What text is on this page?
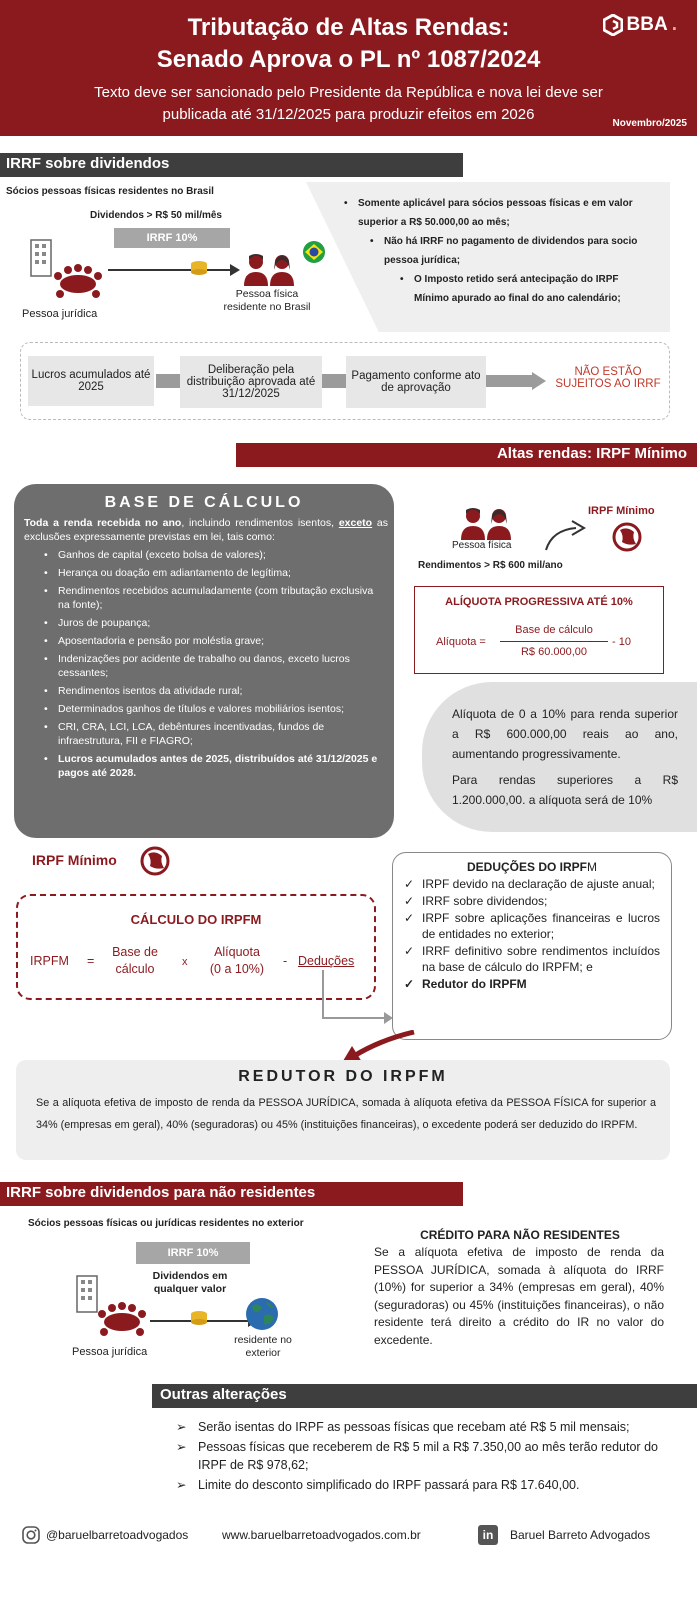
Tributação de Altas Rendas:
Senado Aprova o PL nº 1087/2024
Texto deve ser sancionado pelo Presidente da República e nova lei deve ser
publicada até 31/12/2025 para produzir efeitos em 2026
Novembro/2025
BBA .
IRRF sobre dividendos
Sócios pessoas físicas residentes no Brasil
Dividendos > R$ 50 mil/mês
IRRF 10%
Pessoa jurídica
Pessoa física
residente no Brasil
• Somente aplicável para sócios pessoas físicas e em valor superior a R$ 50.000,00 ao mês;
• Não há IRRF no pagamento de dividendos para socio pessoa jurídica;
• O Imposto retido será antecipação do IRPF Mínimo apurado ao final do ano calendário;
Lucros acumulados até 2025
Deliberação pela distribuição aprovada até 31/12/2025
Pagamento conforme ato de aprovação
NÃO ESTÃO SUJEITOS AO IRRF
Altas rendas: IRPF Mínimo
BASE DE CÁLCULO
Toda a renda recebida no ano, incluindo rendimentos isentos, exceto as exclusões expressamente previstas em lei, tais como:
• Ganhos de capital (exceto bolsa de valores);
• Herança ou doação em adiantamento de legítima;
• Rendimentos recebidos acumuladamente (com tributação exclusiva na fonte);
• Juros de poupança;
• Aposentadoria e pensão por moléstia grave;
• Indenizações por acidente de trabalho ou danos, exceto lucros cessantes;
• Rendimentos isentos da atividade rural;
• Determinados ganhos de títulos e valores mobiliários isentos;
• CRI, CRA, LCI, LCA, debêntures incentivadas, fundos de infraestrutura, FII e FIAGRO;
• Lucros acumulados antes de 2025, distribuídos até 31/12/2025 e pagos até 2028.
Pessoa física
IRPF Mínimo
Rendimentos > R$ 600 mil/ano
ALÍQUOTA PROGRESSIVA ATÉ 10%
Alíquota =
Base de cálculo
R$ 60.000,00
- 10
Alíquota de 0 a 10% para renda superior a R$ 600.000,00 reais ao ano, aumentando progressivamente.
Para rendas superiores a R$ 1.200.000,00. a alíquota será de 10%
IRPF Mínimo
CÁLCULO DO IRPFM
IRPFM =
Base de cálculo	x
Alíquota
(0 a 10%)
- Deduções
DEDUÇÕES DO IRPFM
✓ IRPF devido na declaração de ajuste anual;
✓ IRRF sobre dividendos;
✓ IRPF sobre aplicações financeiras e lucros de entidades no exterior;
✓ IRRF definitivo sobre rendimentos incluídos na base de cálculo do IRPFM; e
✓ Redutor do IRPFM
REDUTOR DO IRPFM
Se a alíquota efetiva de imposto de renda da PESSOA JURÍDICA, somada à alíquota efetiva da PESSOA FÍSICA for superior a 34% (empresas em geral), 40% (seguradoras) ou 45% (instituições financeiras), o excedente poderá ser deduzido do IRPFM.
IRRF sobre dividendos para não residentes
Sócios pessoas físicas ou jurídicas residentes no exterior
IRRF 10%
Dividendos em
qualquer valor
Pessoa jurídica
residente no
exterior
CRÉDITO PARA NÃO RESIDENTES
Se a alíquota efetiva de imposto de renda da PESSOA JURÍDICA, somada à alíquota do IRRF (10%) for superior a 34% (empresas em geral), 40% (seguradoras) ou 45% (instituições financeiras), o não residente terá direito a crédito do IR no valor do excedente.
Outras alterações
➢ Serão isentas do IRPF as pessoas físicas que recebam até R$ 5 mil mensais;
➢ Pessoas físicas que receberem de R$ 5 mil a R$ 7.350,00 ao mês terão redutor do IRPF de R$ 978,62;
➢ Limite do desconto simplificado do IRPF passará para R$ 17.640,00.
@baruelbarretoadvogados	www.baruelbarretoadvogados.com.br	in	Baruel Barreto Advogados
